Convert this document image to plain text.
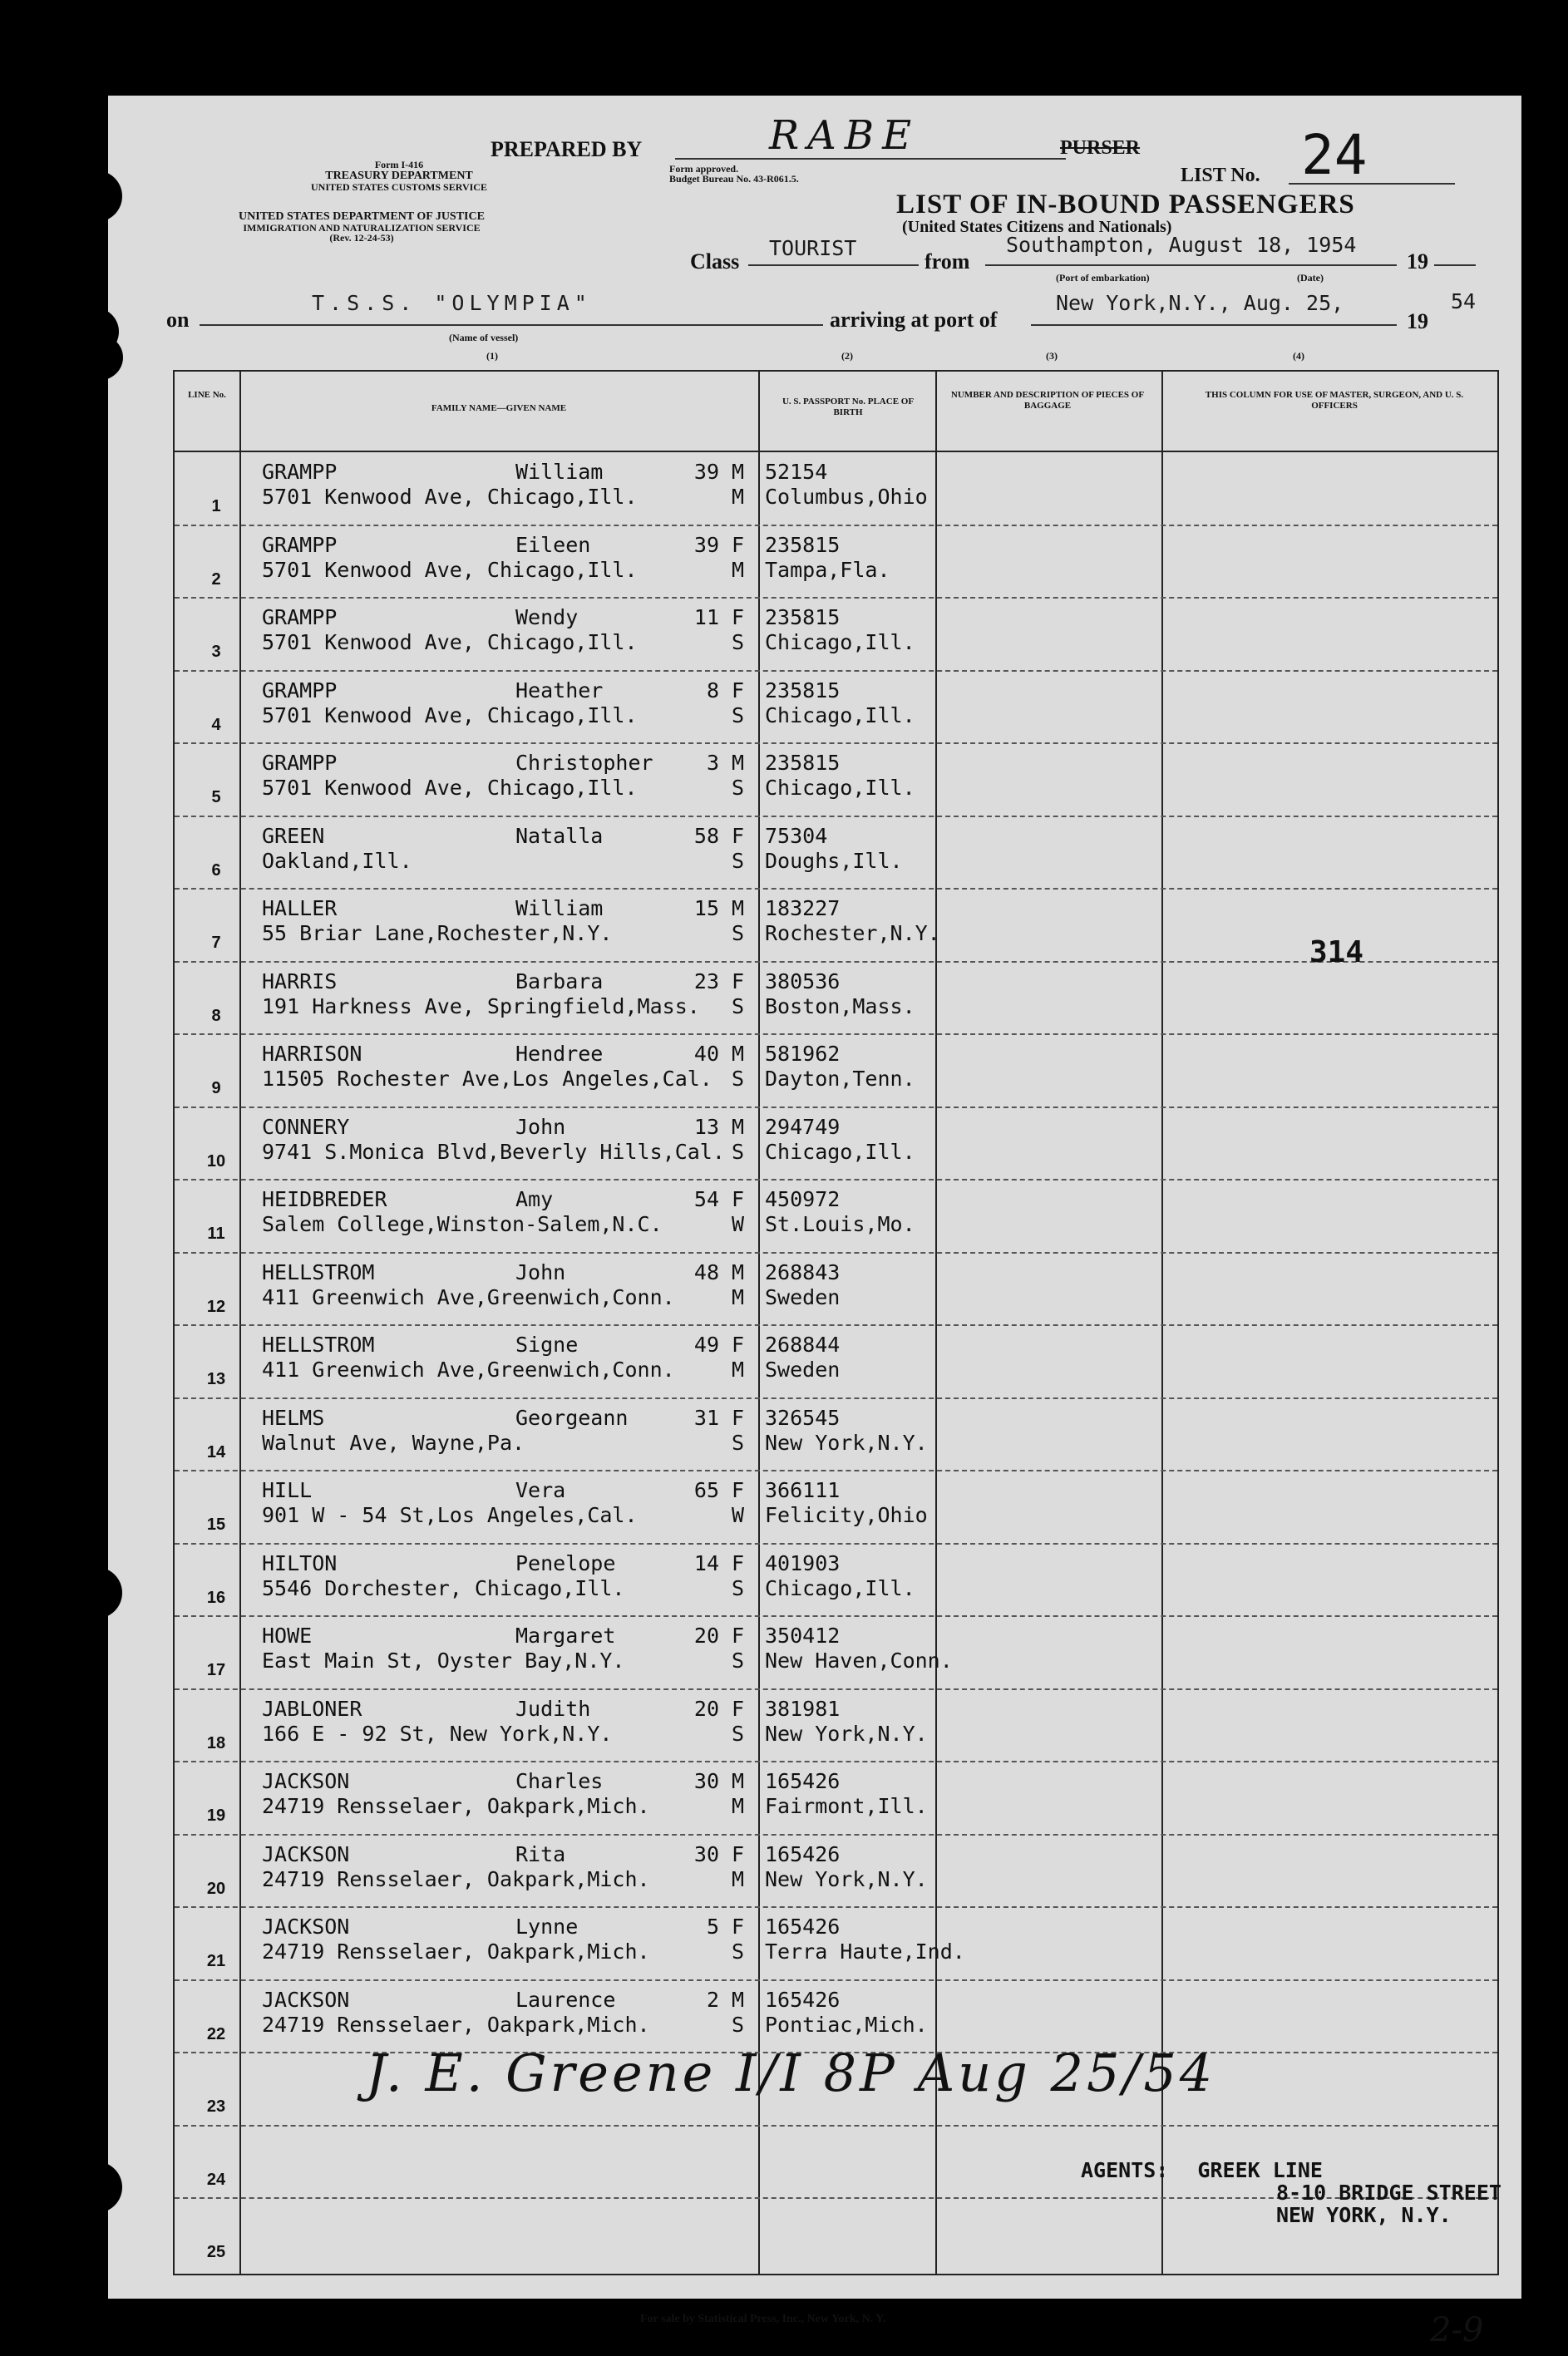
PREPARED BY	RABE	PURSER
LIST No. 24
Form I-416
TREASURY DEPARTMENT
UNITED STATES CUSTOMS SERVICE
Form approved.
Budget Bureau No. 43-R061.5.
UNITED STATES DEPARTMENT OF JUSTICE
IMMIGRATION AND NATURALIZATION SERVICE
(Rev. 12-24-53)
LIST OF IN-BOUND PASSENGERS
(United States Citizens and Nationals)
Class
TOURIST
from
Southampton, August 18, 1954
19
(Port of embarkation)	(Date)
on
T.S.S. "OLYMPIA"
(Name of vessel)
arriving at port of
New York,N.Y., Aug. 25,
19
54
(1)	(2)	(3)	(4)
LINE No.
FAMILY NAME—GIVEN NAME
U. S. PASSPORT No. PLACE OF BIRTH
NUMBER AND DESCRIPTION OF PIECES OF BAGGAGE
THIS COLUMN FOR USE OF MASTER, SURGEON, AND U. S. OFFICERS
1
GRAMPP	William	39 M
5701 Kenwood Ave, Chicago,Ill.	M
52154
Columbus,Ohio
2
GRAMPP	Eileen	39 F
5701 Kenwood Ave, Chicago,Ill.	M
235815
Tampa,Fla.
3
GRAMPP	Wendy	11 F
5701 Kenwood Ave, Chicago,Ill.	S
235815
Chicago,Ill.
4
GRAMPP	Heather	8 F
5701 Kenwood Ave, Chicago,Ill.	S
235815
Chicago,Ill.
5
GRAMPP	Christopher	3 M
5701 Kenwood Ave, Chicago,Ill.	S
235815
Chicago,Ill.
6
GREEN	Natalla	58 F
Oakland,Ill.	S
75304
Doughs,Ill.
7
HALLER	William	15 M
55 Briar Lane,Rochester,N.Y.	S
183227
Rochester,N.Y.
8
HARRIS	Barbara	23 F
191 Harkness Ave, Springfield,Mass. S
380536
Boston,Mass.
9
HARRISON	Hendree	40 M
11505 Rochester Ave,Los Angeles,Cal. S
581962
Dayton,Tenn.
10
CONNERY	John	13 M
9741 S.Monica Blvd,Beverly Hills,Cal. S
294749
Chicago,Ill.
11
HEIDBREDER	Amy	54 F
Salem College,Winston-Salem,N.C.	W
450972
St.Louis,Mo.
12
HELLSTROM	John	48 M
411 Greenwich Ave,Greenwich,Conn.	M
268843
Sweden
13
HELLSTROM	Signe	49 F
411 Greenwich Ave,Greenwich,Conn.	M
268844
Sweden
14
HELMS	Georgeann	31 F
Walnut Ave, Wayne,Pa.	S
326545
New York,N.Y.
15
HILL	Vera	65 F
901 W - 54 St,Los Angeles,Cal.	W
366111
Felicity,Ohio
16
HILTON	Penelope	14 F
5546 Dorchester, Chicago,Ill.	S
401903
Chicago,Ill.
17
HOWE	Margaret	20 F
East Main St, Oyster Bay,N.Y.	S
350412
New Haven,Conn.
18
JABLONER	Judith	20 F
166 E - 92 St, New York,N.Y.	S
381981
New York,N.Y.
19
JACKSON	Charles	30 M
24719 Rensselaer, Oakpark,Mich.	M
165426
Fairmont,Ill.
20
JACKSON	Rita	30 F
24719 Rensselaer, Oakpark,Mich.	M
165426
New York,N.Y.
21
JACKSON	Lynne	5 F
24719 Rensselaer, Oakpark,Mich.	S
165426
Terra Haute,Ind.
22
JACKSON	Laurence	2 M
24719 Rensselaer, Oakpark,Mich.	S
165426
Pontiac,Mich.
23
24
25
314
J. E. Greene I/I 8P Aug 25/54
AGENTS: GREEK LINE
8-10 BRIDGE STREET
NEW YORK, N.Y.
For sale by Statistical Press, Inc., New York, N. Y.	2-9
